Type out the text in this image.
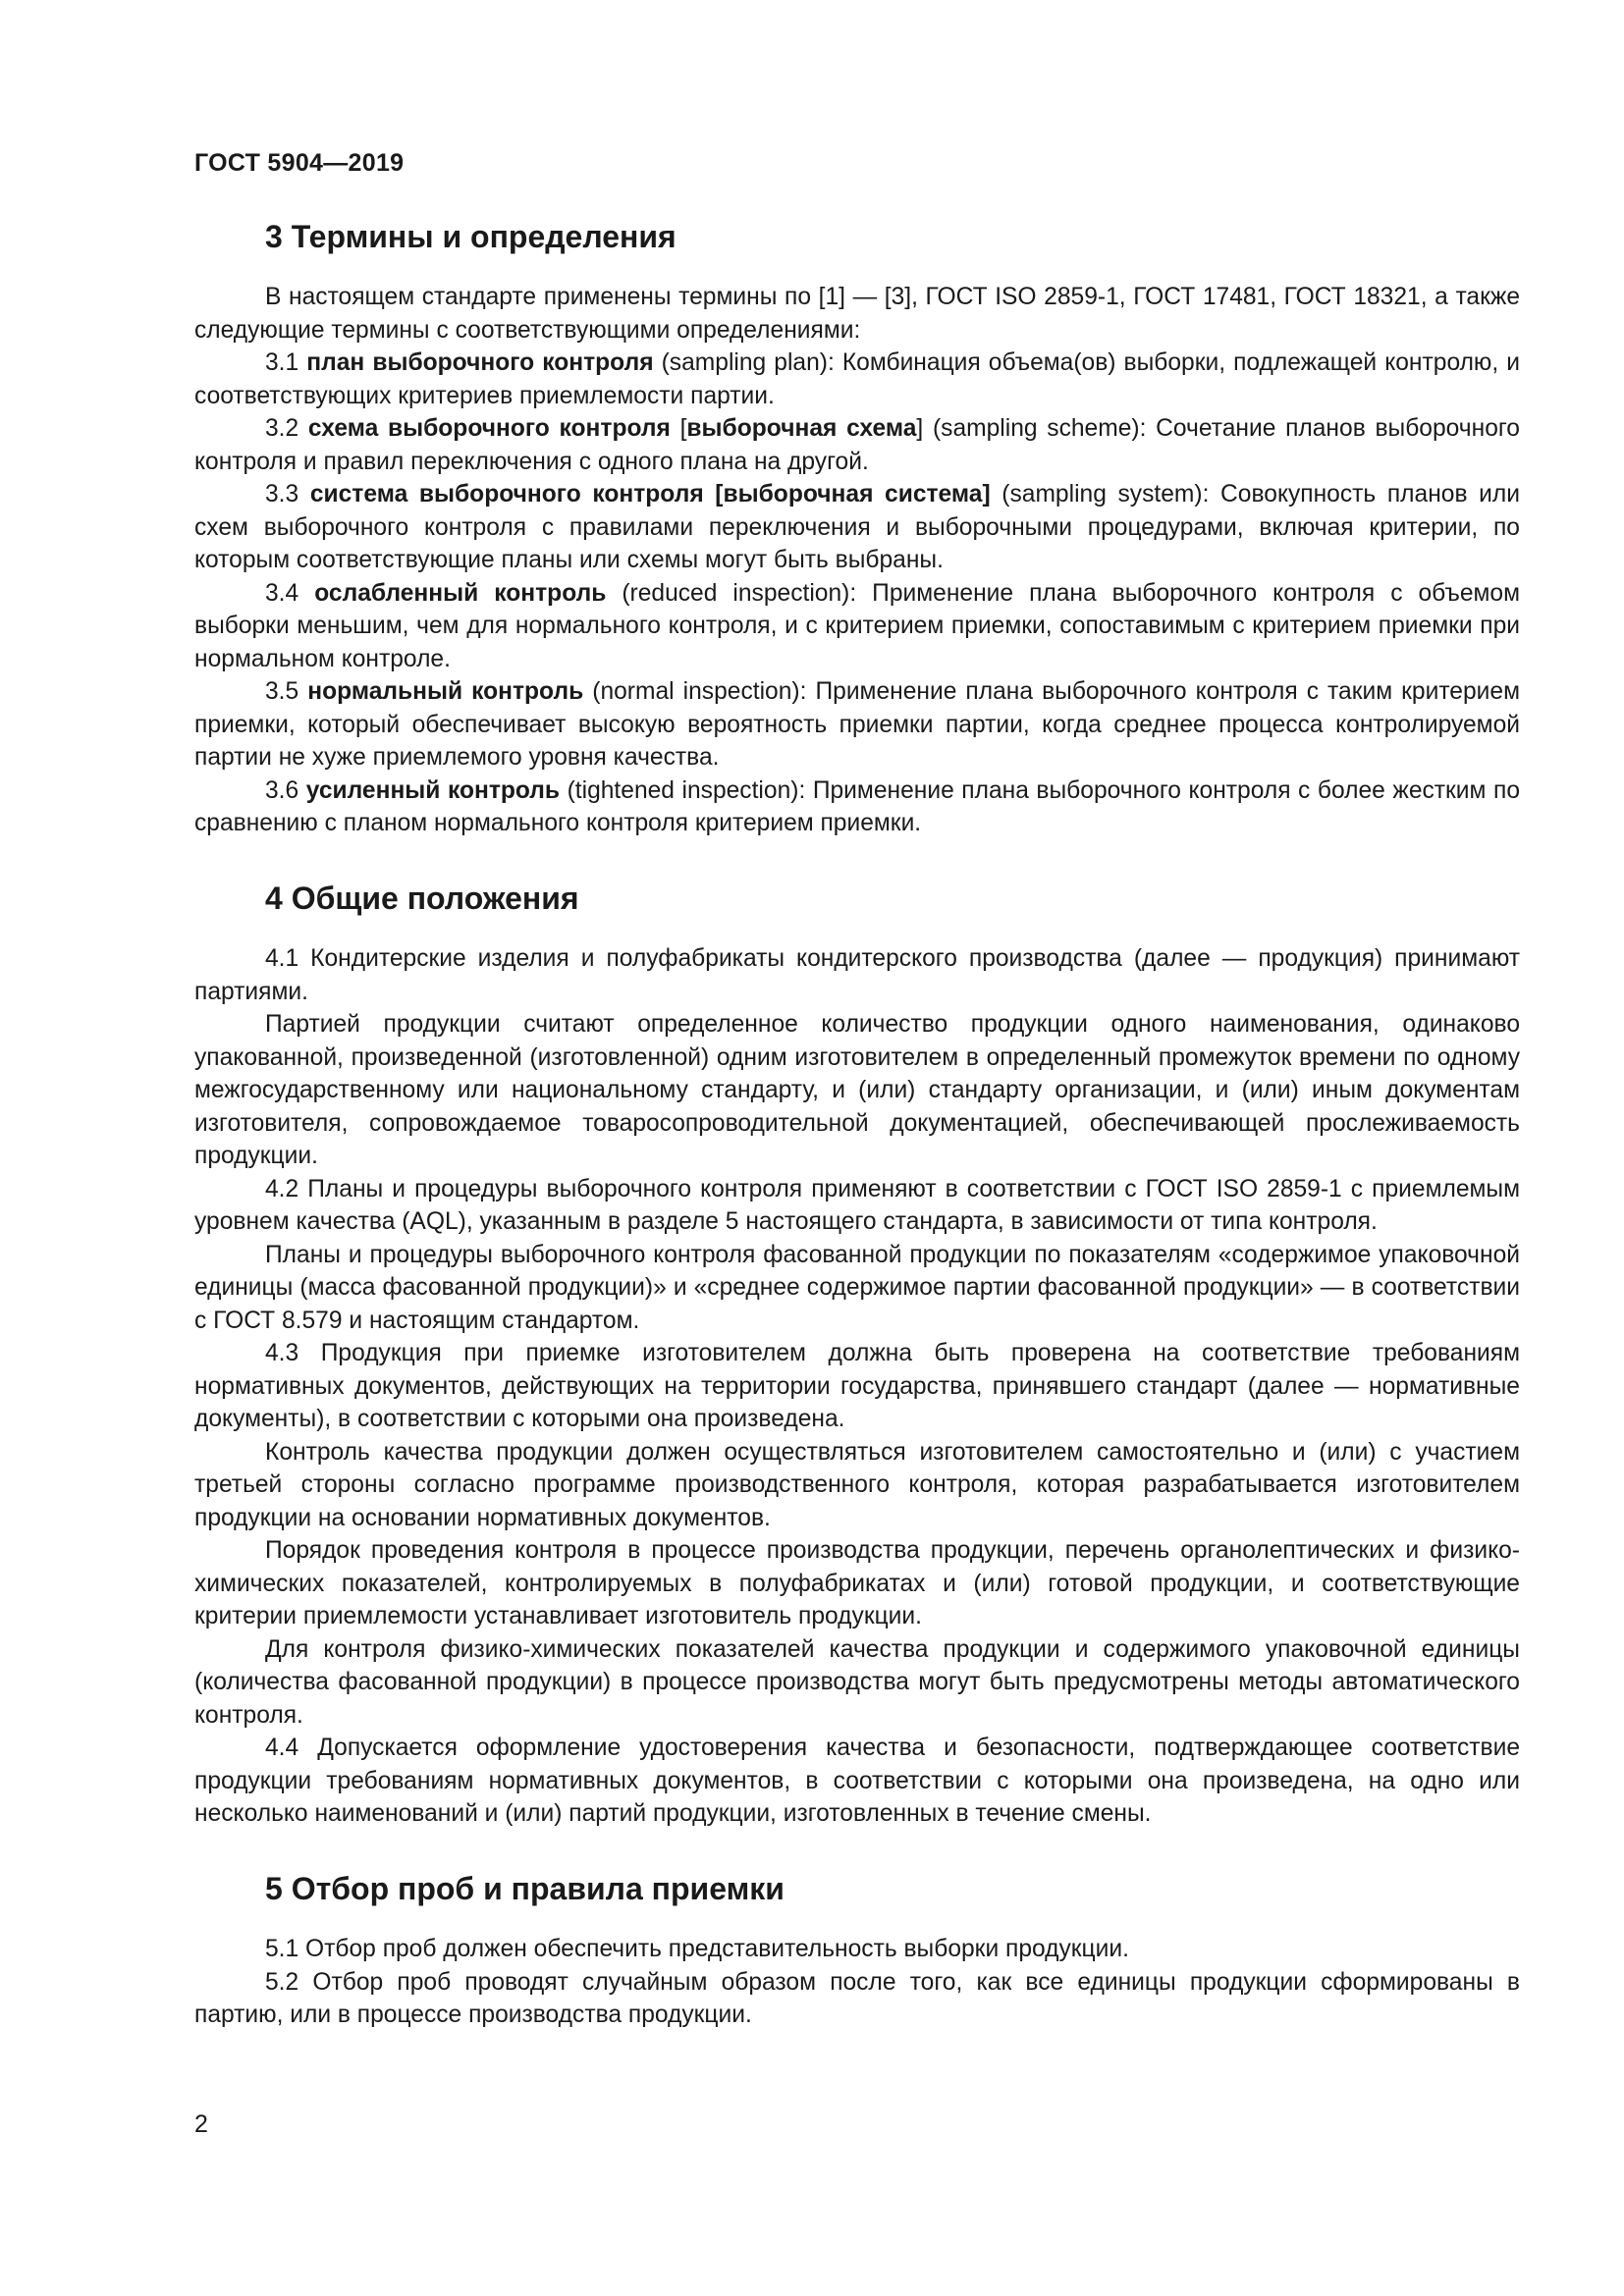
ГОСТ 5904—2019
3 Термины и определения

В настоящем стандарте применены термины по [1] — [3], ГОСТ ISO 2859-1, ГОСТ 17481, ГОСТ 18321, а также следующие термины с соответствующими определениями:

3.1 план выборочного контроля (sampling plan): Комбинация объема(ов) выборки, подлежащей контролю, и соответствующих критериев приемлемости партии.

3.2 схема выборочного контроля [выборочная схема] (sampling scheme): Сочетание планов выборочного контроля и правил переключения с одного плана на другой.

3.3 система выборочного контроля [выборочная система] (sampling system): Совокупность планов или схем выборочного контроля с правилами переключения и выборочными процедурами, включая критерии, по которым соответствующие планы или схемы могут быть выбраны.

3.4 ослабленный контроль (reduced inspection): Применение плана выборочного контроля с объемом выборки меньшим, чем для нормального контроля, и с критерием приемки, сопоставимым с критерием приемки при нормальном контроле.

3.5 нормальный контроль (normal inspection): Применение плана выборочного контроля с таким критерием приемки, который обеспечивает высокую вероятность приемки партии, когда среднее процесса контролируемой партии не хуже приемлемого уровня качества.

3.6 усиленный контроль (tightened inspection): Применение плана выборочного контроля с более жестким по сравнению с планом нормального контроля критерием приемки.

4 Общие положения

4.1 Кондитерские изделия и полуфабрикаты кондитерского производства (далее — продукция) принимают партиями.

Партией продукции считают определенное количество продукции одного наименования, одинаково упакованной, произведенной (изготовленной) одним изготовителем в определенный промежуток времени по одному межгосударственному или национальному стандарту, и (или) стандарту организации, и (или) иным документам изготовителя, сопровождаемое товаросопроводительной документацией, обеспечивающей прослеживаемость продукции.

4.2 Планы и процедуры выборочного контроля применяют в соответствии с ГОСТ ISO 2859-1 с приемлемым уровнем качества (AQL), указанным в разделе 5 настоящего стандарта, в зависимости от типа контроля.

Планы и процедуры выборочного контроля фасованной продукции по показателям «содержимое упаковочной единицы (масса фасованной продукции)» и «среднее содержимое партии фасованной продукции» — в соответствии с ГОСТ 8.579 и настоящим стандартом.

4.3 Продукция при приемке изготовителем должна быть проверена на соответствие требованиям нормативных документов, действующих на территории государства, принявшего стандарт (далее — нормативные документы), в соответствии с которыми она произведена.

Контроль качества продукции должен осуществляться изготовителем самостоятельно и (или) с участием третьей стороны согласно программе производственного контроля, которая разрабатывается изготовителем продукции на основании нормативных документов.

Порядок проведения контроля в процессе производства продукции, перечень органолептических и физико-химических показателей, контролируемых в полуфабрикатах и (или) готовой продукции, и соответствующие критерии приемлемости устанавливает изготовитель продукции.

Для контроля физико-химических показателей качества продукции и содержимого упаковочной единицы (количества фасованной продукции) в процессе производства могут быть предусмотрены методы автоматического контроля.

4.4 Допускается оформление удостоверения качества и безопасности, подтверждающее соответствие продукции требованиям нормативных документов, в соответствии с которыми она произведена, на одно или несколько наименований и (или) партий продукции, изготовленных в течение смены.

5 Отбор проб и правила приемки

5.1 Отбор проб должен обеспечить представительность выборки продукции.

5.2 Отбор проб проводят случайным образом после того, как все единицы продукции сформированы в партию, или в процессе производства продукции.

2
